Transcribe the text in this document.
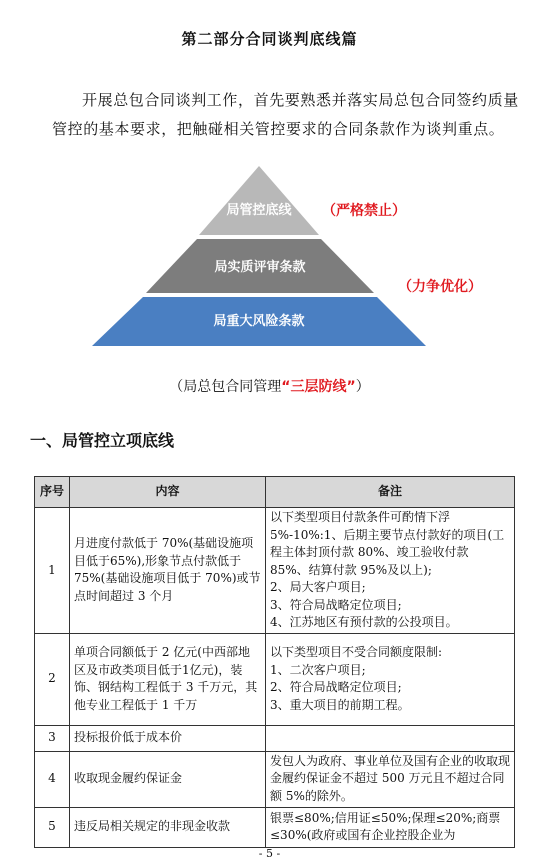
第二部分合同谈判底线篇

开展总包合同谈判工作，首先要熟悉并落实局总包合同签约质量管控的基本要求，把触碰相关管控要求的合同条款作为谈判重点。

局管控底线
局实质评审条款
局重大风险条款
（严格禁止）
（力争优化）
（局总包合同管理“三层防线”）
一、局管控立项底线
序号	内容	备注
1	月进度付款低于 70%(基础设施项目低于65%),形象节点付款低于 75%(基础设施项目低于 70%)或节点时间超过 3 个月	以下类型项目付款条件可酌情下浮 5%-10%:1、后期主要节点付款好的项目(工程主体封顶付款 80%、竣工验收付款 85%、结算付款 95%及以上);
2、局大客户项目;
3、符合局战略定位项目;
4、江苏地区有预付款的公投项目。

2	单项合同额低于 2 亿元(中西部地区及市政类项目低于1亿元)，装饰、钢结构工程低于 3 千万元，其他专业工程低于 1 千万	以下类型项目不受合同额度限制:
1、二次客户项目;
2、符合局战略定位项目;
3、重大项目的前期工程。

3	投标报价低于成本价	
4	收取现金履约保证金	发包人为政府、事业单位及国有企业的收取现金履约保证金不超过 500 万元且不超过合同额 5%的除外。

5	违反局相关规定的非现金收款	银票≤80%;信用证≤50%;保理≤20%;商票≤30%(政府或国有企业控股企业为
- 5 -
